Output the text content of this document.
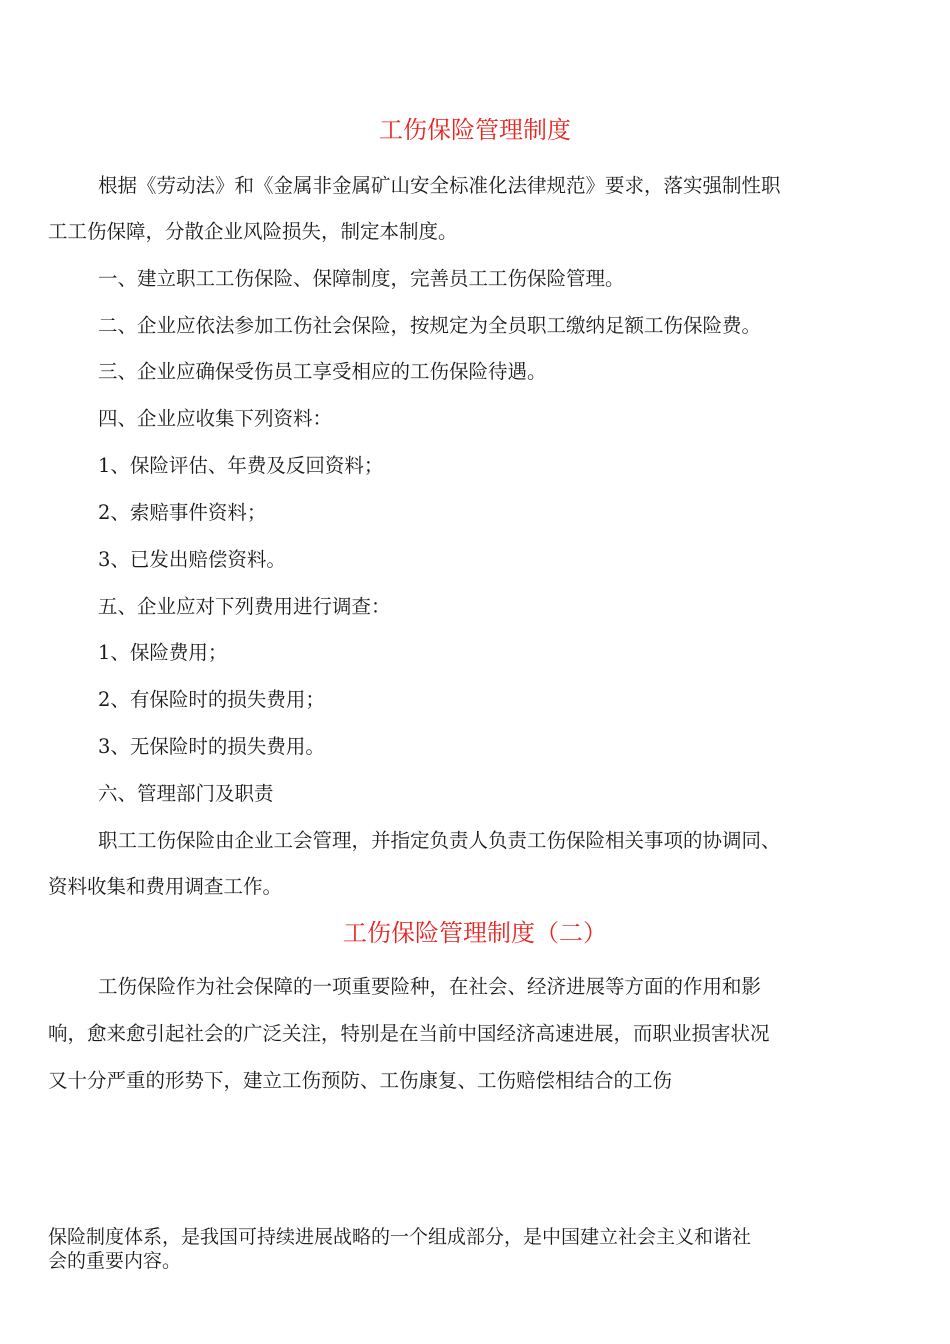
工伤保险管理制度
根据《劳动法》和《金属非金属矿山安全标准化法律规范》要求，落实强制性职
工工伤保障，分散企业风险损失，制定本制度。
一、建立职工工伤保险、保障制度，完善员工工伤保险管理。
二、企业应依法参加工伤社会保险，按规定为全员职工缴纳足额工伤保险费。
三、企业应确保受伤员工享受相应的工伤保险待遇。
四、企业应收集下列资料：
1、保险评估、年费及反回资料；
2、索赔事件资料；
3、已发出赔偿资料。
五、企业应对下列费用进行调查：
1、保险费用；
2、有保险时的损失费用；
3、无保险时的损失费用。
六、管理部门及职责
职工工伤保险由企业工会管理，并指定负责人负责工伤保险相关事项的协调同、
资料收集和费用调查工作。
工伤保险管理制度（二）
工伤保险作为社会保障的一项重要险种，在社会、经济进展等方面的作用和影
响，愈来愈引起社会的广泛关注，特别是在当前中国经济高速进展，而职业损害状况
又十分严重的形势下，建立工伤预防、工伤康复、工伤赔偿相结合的工伤
保险制度体系，是我国可持续进展战略的一个组成部分，是中国建立社会主义和谐社
会的重要内容。
